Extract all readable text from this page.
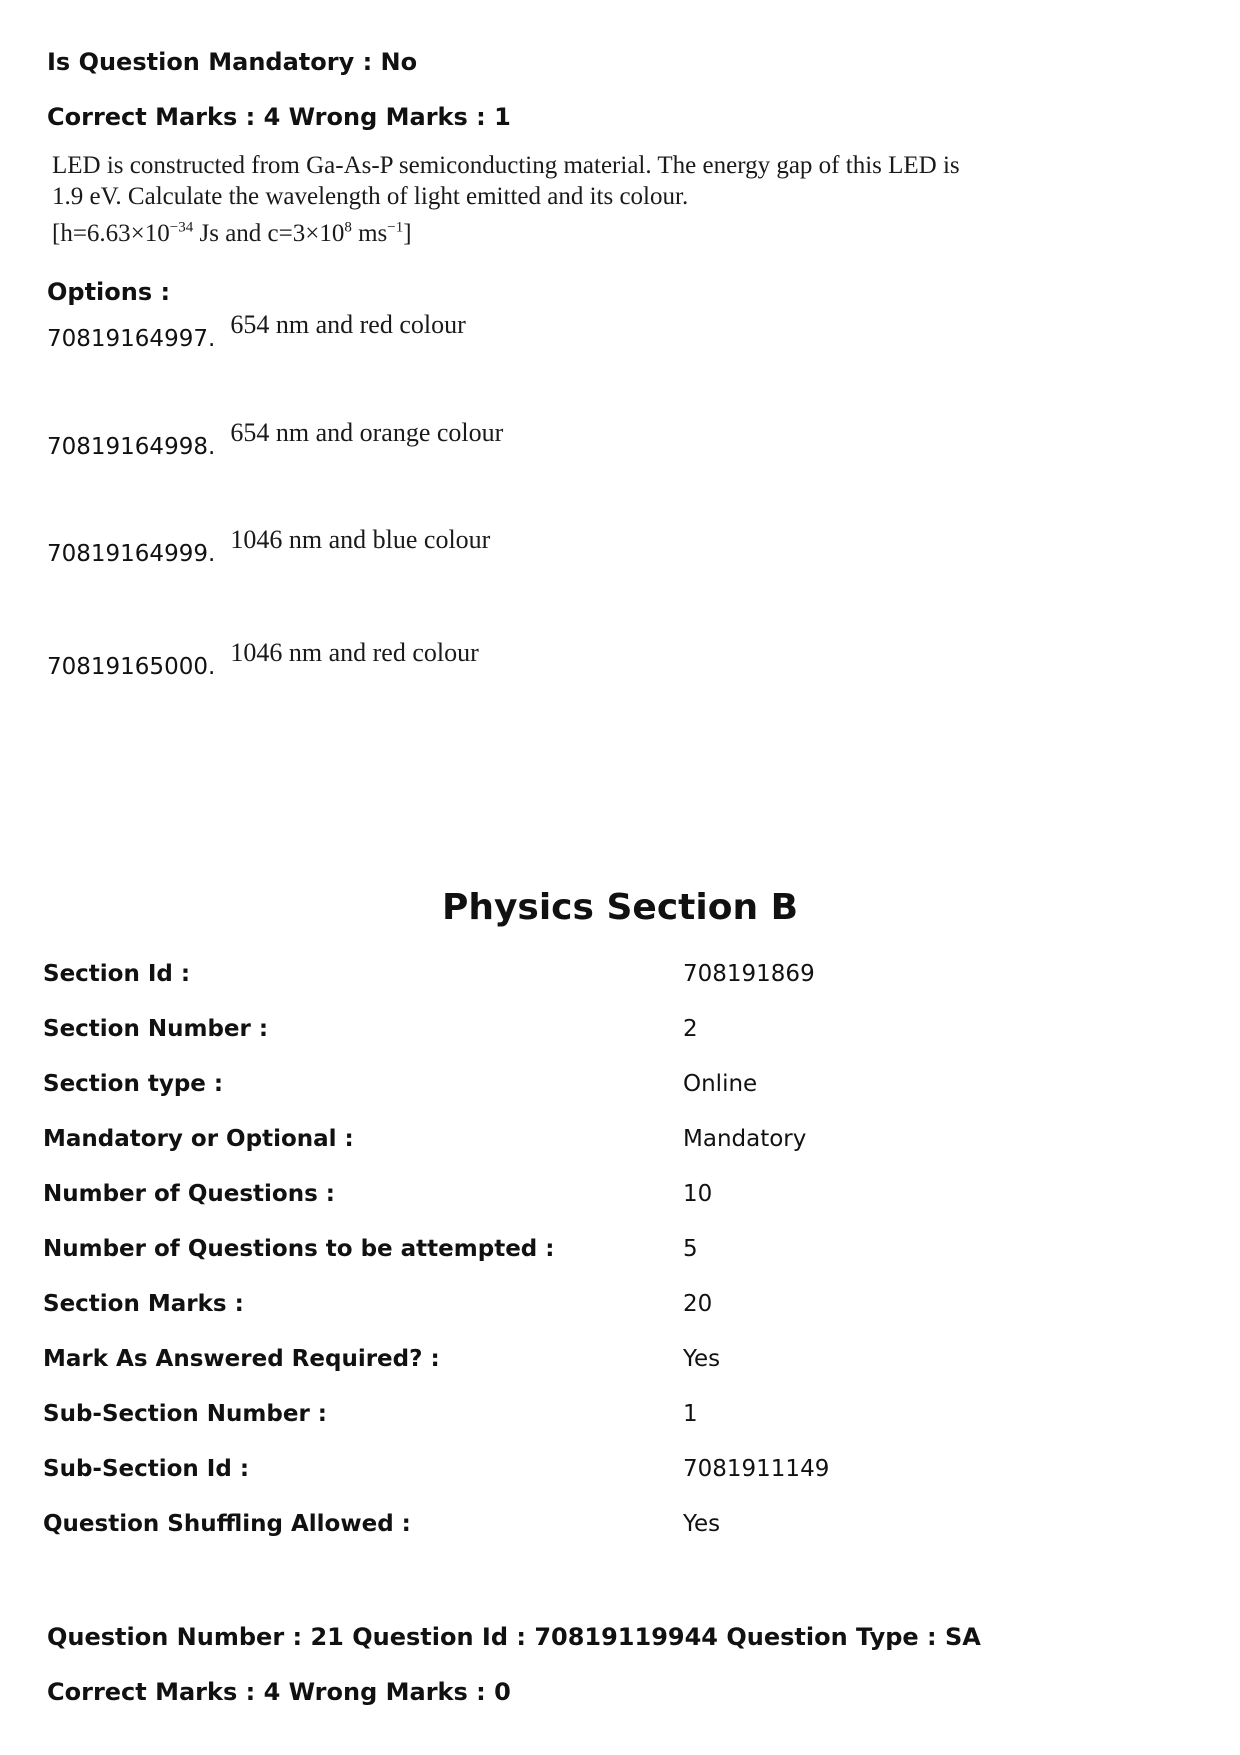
Is Question Mandatory : No
Correct Marks : 4 Wrong Marks : 1
LED is constructed from Ga-As-P semiconducting material. The energy gap of this LED is
1.9 eV. Calculate the wavelength of light emitted and its colour.
[$h=6.63\times 10^{-34}$ Js and $c=3\times 10^8$ $ms^{-1}$]
Options :
70819164997. 654 nm and red colour
70819164998. 654 nm and orange colour
70819164999. 1046 nm and blue colour
70819165000. 1046 nm and red colour
Physics Section B
Section Id :	708191869
Section Number :	2
Section type :	Online
Mandatory or Optional :	Mandatory
Number of Questions :	10
Number of Questions to be attempted :	5
Section Marks :	20
Mark As Answered Required? :	Yes
Sub-Section Number :	1
Sub-Section Id :	7081911149
Question Shuffling Allowed :	Yes
Question Number : 21 Question Id : 70819119944 Question Type : SA
Correct Marks : 4 Wrong Marks : 0
